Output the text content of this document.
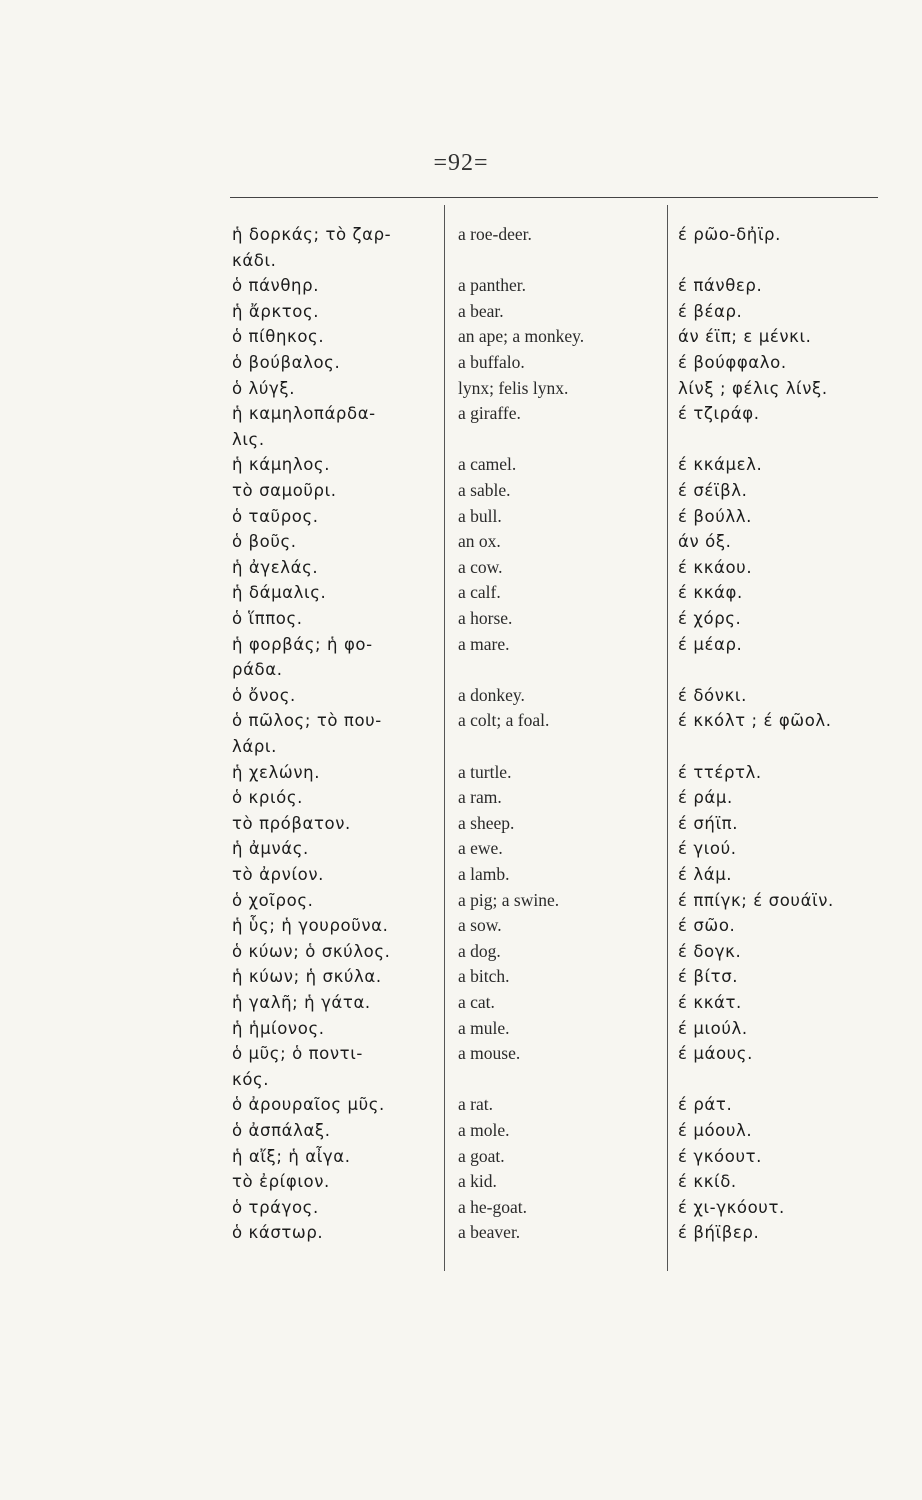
=92=
ἡ δορκάς; τὸ ζαρ-	a roe-deer.	έ ρῶο-δἠϊρ.
κάδι.
ὁ πάνθηρ.	a panther.	έ πάνθερ.
ἡ ἄρκτος.	a bear.	έ βέαρ.
ὁ πίθηκος.	an ape; a monkey.	άν έϊπ; ε μένκι.
ὁ βούβαλος.	a buffalo.	έ βούφφαλο.
ὁ λύγξ.	lynx; felis lynx.	λίνξ ; φέλις λίνξ.
ἡ καμηλοπάρδα-	a giraffe.	έ τζιράφ.
λις.
ἡ κάμηλος.	a camel.	έ κκάμελ.
τὸ σαμοῦρι.	a sable.	έ σέϊβλ.
ὁ ταῦρος.	a bull.	έ βούλλ.
ὁ βοῦς.	an ox.	άν όξ.
ἡ ἀγελάς.	a cow.	έ κκάου.
ἡ δάμαλις.	a calf.	έ κκάφ.
ὁ ἵππος.	a horse.	έ χόρς.
ἡ φορβάς; ἡ φο-	a mare.	έ μέαρ.
ράδα.
ὁ ὄνος.	a donkey.	έ δόνκι.
ὁ πῶλος; τὸ που-	a colt; a foal.	έ κκόλτ ; έ φῶολ.
λάρι.
ἡ χελώνη.	a turtle.	έ ττέρτλ.
ὁ κριός.	a ram.	έ ράμ.
τὸ πρόβατον.	a sheep.	έ σήϊπ.
ἡ ἀμνάς.	a ewe.	έ γιού.
τὸ ἀρνίον.	a lamb.	έ λάμ.
ὁ χοῖρος.	a pig; a swine.	έ ππίγκ; έ σουάϊν.
ἡ ὗς; ἡ γουροῦνα.	a sow.	έ σῶο.
ὁ κύων; ὁ σκύλος.	a dog.	έ δογκ.
ἡ κύων; ἡ σκύλα.	a bitch.	έ βίτσ.
ἡ γαλῆ; ἡ γάτα.	a cat.	έ κκάτ.
ἡ ἡμίονος.	a mule.	έ μιούλ.
ὁ μῦς; ὁ ποντι-	a mouse.	έ μάους.
κός.
ὁ ἀρουραῖος μῦς.	a rat.	έ ράτ.
ὁ ἀσπάλαξ.	a mole.	έ μόουλ.
ἡ αἴξ; ἡ αἶγα.	a goat.	έ γκόουτ.
τὸ ἐρίφιον.	a kid.	έ κκίδ.
ὁ τράγος.	a he-goat.	έ χι-γκόουτ.
ὁ κάστωρ.	a beaver.	έ βήϊβερ.
